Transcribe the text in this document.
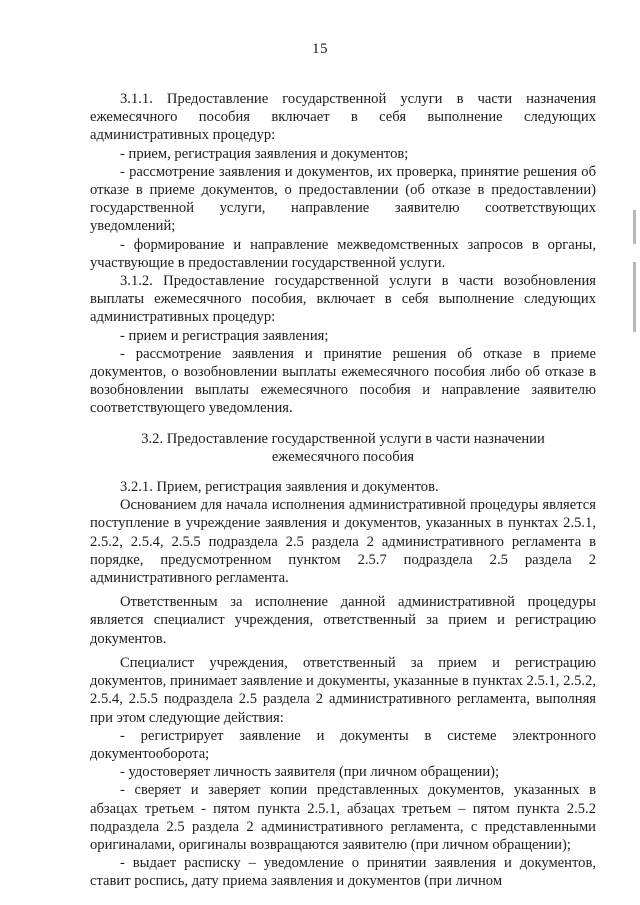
15

3.1.1. Предоставление государственной услуги в части назначения ежемесячного пособия включает в себя выполнение следующих административных процедур:

- прием, регистрация заявления и документов;

- рассмотрение заявления и документов, их проверка, принятие решения об отказе в приеме документов, о предоставлении (об отказе в предоставлении) государственной услуги, направление заявителю соответствующих уведомлений;

- формирование и направление межведомственных запросов в органы, участвующие в предоставлении государственной услуги.

3.1.2. Предоставление государственной услуги в части возобновления выплаты ежемесячного пособия, включает в себя выполнение следующих административных процедур:

- прием и регистрация заявления;

- рассмотрение заявления и принятие решения об отказе в приеме документов, о возобновлении выплаты ежемесячного пособия либо об отказе в возобновлении выплаты ежемесячного пособия и направление заявителю соответствующего уведомления.

3.2. Предоставление государственной услуги в части назначении ежемесячного пособия

3.2.1. Прием, регистрация заявления и документов.

Основанием для начала исполнения административной процедуры является поступление в учреждение заявления и документов, указанных в пунктах 2.5.1, 2.5.2, 2.5.4, 2.5.5 подраздела 2.5 раздела 2 административного регламента в порядке, предусмотренном пунктом 2.5.7 подраздела 2.5 раздела 2 административного регламента.

Ответственным за исполнение данной административной процедуры является специалист учреждения, ответственный за прием и регистрацию документов.

Специалист учреждения, ответственный за прием и регистрацию документов, принимает заявление и документы, указанные в пунктах 2.5.1, 2.5.2, 2.5.4, 2.5.5 подраздела 2.5 раздела 2 административного регламента, выполняя при этом следующие действия:

- регистрирует заявление и документы в системе электронного документооборота;

- удостоверяет личность заявителя (при личном обращении);

- сверяет и заверяет копии представленных документов, указанных в абзацах третьем - пятом пункта 2.5.1, абзацах третьем – пятом пункта 2.5.2 подраздела 2.5 раздела 2 административного регламента, с представленными оригиналами, оригиналы возвращаются заявителю (при личном обращении);

- выдает расписку – уведомление о принятии заявления и документов, ставит роспись, дату приема заявления и документов (при личном
